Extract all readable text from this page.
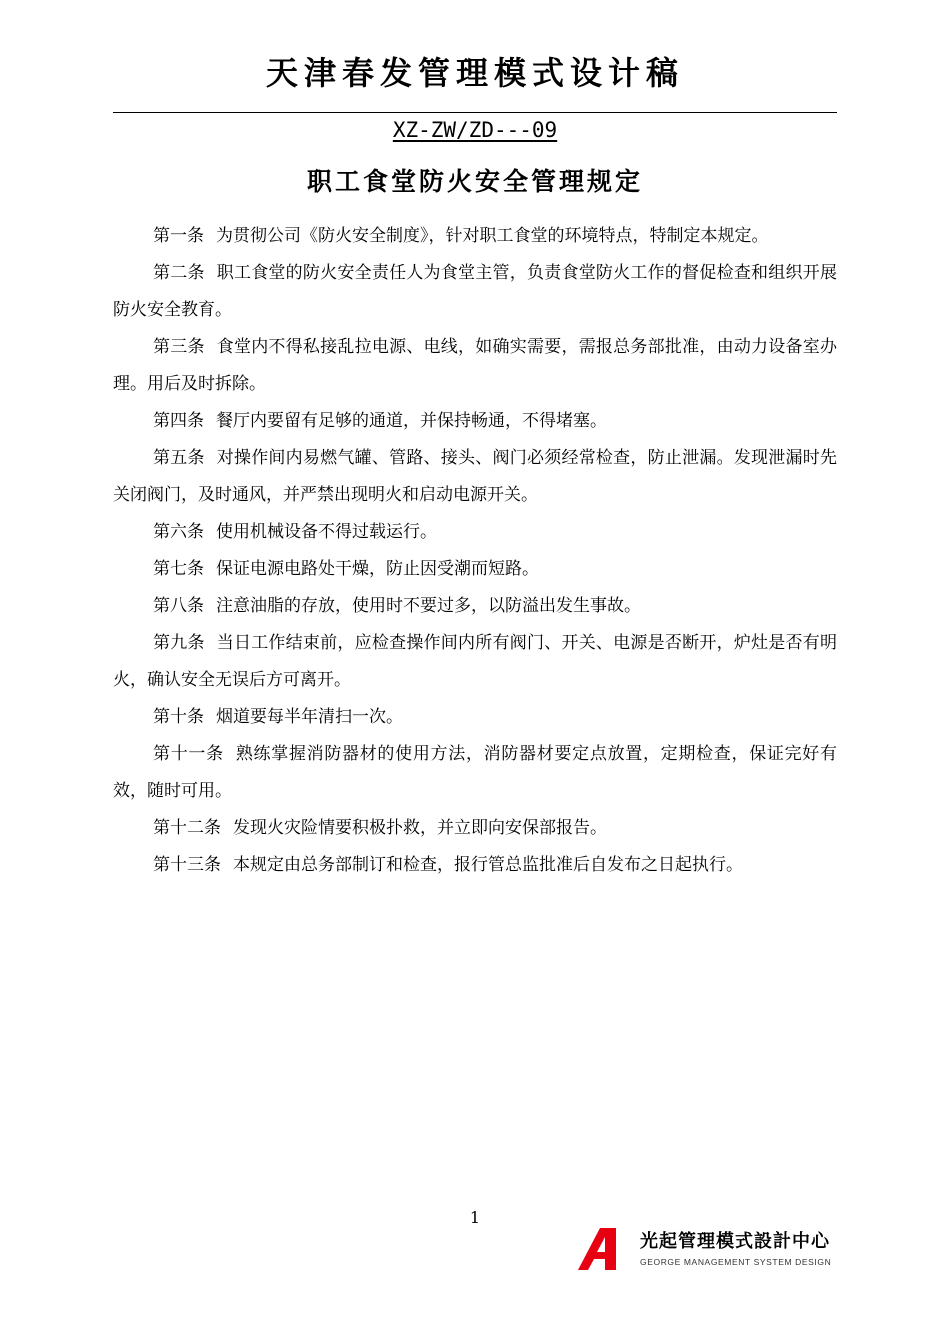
天津春发管理模式设计稿
XZ-ZW/ZD---09
职工食堂防火安全管理规定
第一条 为贯彻公司《防火安全制度》，针对职工食堂的环境特点，特制定本规定。
第二条 职工食堂的防火安全责任人为食堂主管，负责食堂防火工作的督促检查和组织开展防火安全教育。
第三条 食堂内不得私接乱拉电源、电线，如确实需要，需报总务部批准，由动力设备室办理。用后及时拆除。
第四条 餐厅内要留有足够的通道，并保持畅通，不得堵塞。
第五条 对操作间内易燃气罐、管路、接头、阀门必须经常检查，防止泄漏。发现泄漏时先关闭阀门，及时通风，并严禁出现明火和启动电源开关。
第六条 使用机械设备不得过载运行。
第七条 保证电源电路处干燥，防止因受潮而短路。
第八条 注意油脂的存放，使用时不要过多，以防溢出发生事故。
第九条 当日工作结束前，应检查操作间内所有阀门、开关、电源是否断开，炉灶是否有明火，确认安全无误后方可离开。
第十条 烟道要每半年清扫一次。
第十一条 熟练掌握消防器材的使用方法，消防器材要定点放置，定期检查，保证完好有效，随时可用。
第十二条 发现火灾险情要积极扑救，并立即向安保部报告。
第十三条 本规定由总务部制订和检查，报行管总监批准后自发布之日起执行。
1
光起管理模式設計中心
GEORGE MANAGEMENT SYSTEM DESIGN
